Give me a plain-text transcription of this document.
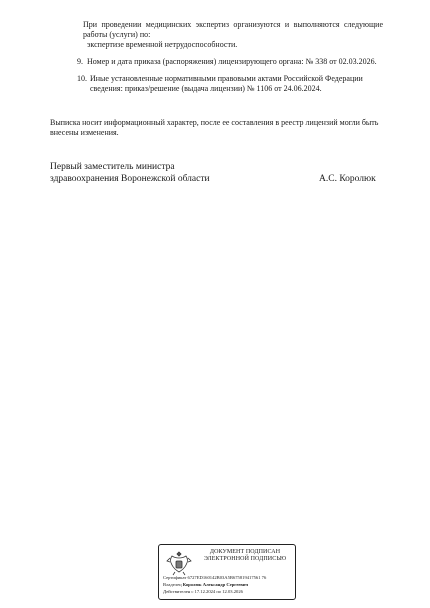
При проведении медицинских экспертиз организуются и выполняются следующие
работы (услуги) по:
экспертизе временной нетрудоспособности.
9. Номер и дата приказа (распоряжения) лицензирующего органа: № 338 от 02.03.2026.
10. Иные установленные нормативными правовыми актами Российской Федерации
сведения: приказ/решение (выдача лицензии) № 1106 от 24.06.2024.
Выписка носит информационный характер, после ее составления в реестр лицензий могли быть
внесены изменения.
Первый заместитель министра
здравоохранения Воронежской области	А.С. Королюк
ДОКУМЕНТ ПОДПИСАН
ЭЛЕКТРОННОЙ ПОДПИСЬЮ
Сертификат 6727ED160142B03A5B675819417561 76
Владелец Королюк Александр Сергеевич
Действителен с 17.12.2024 по 12.03.2026
